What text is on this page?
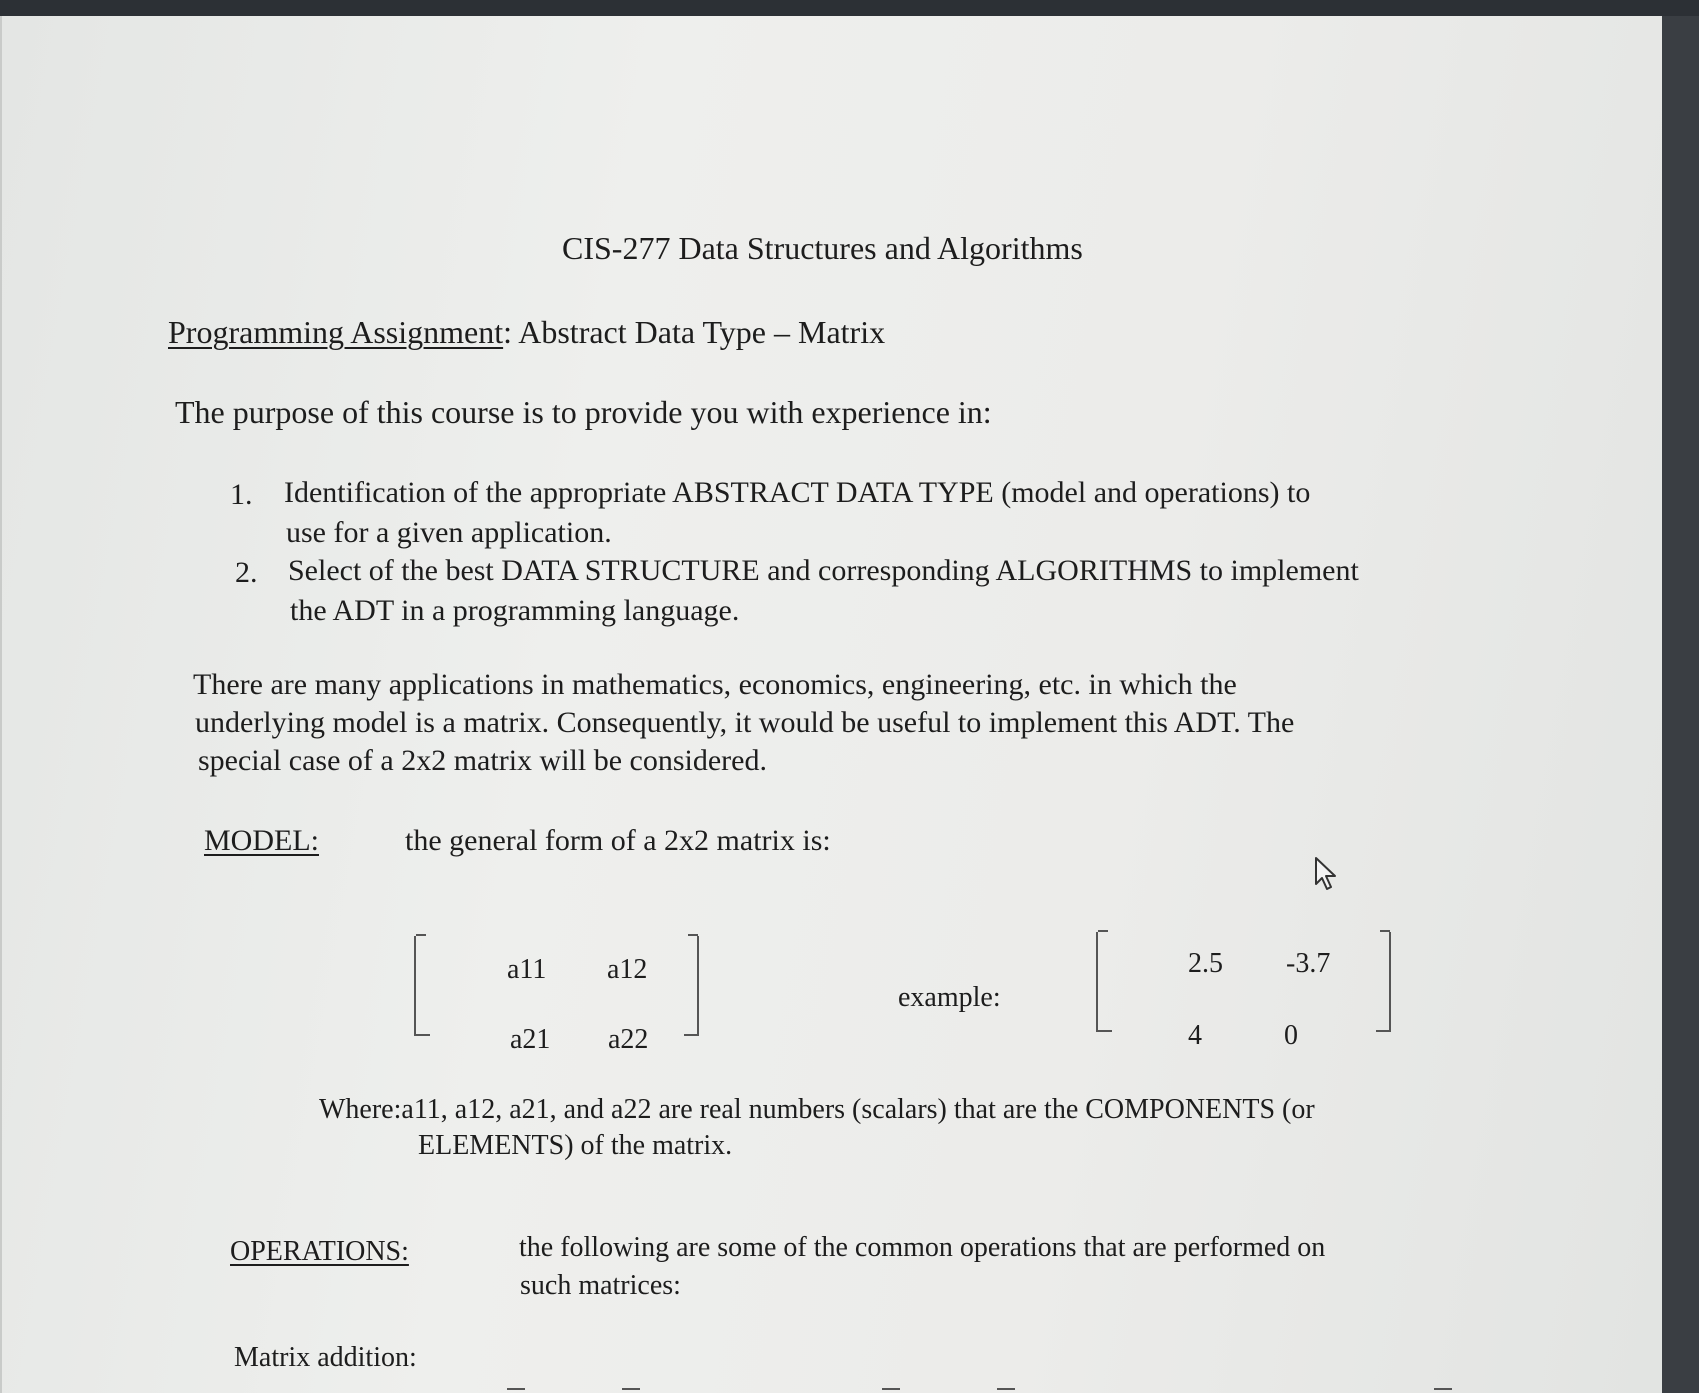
CIS-277 Data Structures and Algorithms
Programming Assignment: Abstract Data Type – Matrix
The purpose of this course is to provide you with experience in:
1. Identification of the appropriate ABSTRACT DATA TYPE (model and operations) to
use for a given application.
2. Select of the best DATA STRUCTURE and corresponding ALGORITHMS to implement
the ADT in a programming language.
There are many applications in mathematics, economics, engineering, etc. in which the
underlying model is a matrix. Consequently, it would be useful to implement this ADT. The
special case of a 2x2 matrix will be considered.
MODEL:	the general form of a 2x2 matrix is:
a11 a12
a21 a22
example:
2.5 -3.7
4	0
Where:a11, a12, a21, and a22 are real numbers (scalars) that are the COMPONENTS (or
ELEMENTS) of the matrix.
OPERATIONS:	the following are some of the common operations that are performed on
such matrices:
Matrix addition:
